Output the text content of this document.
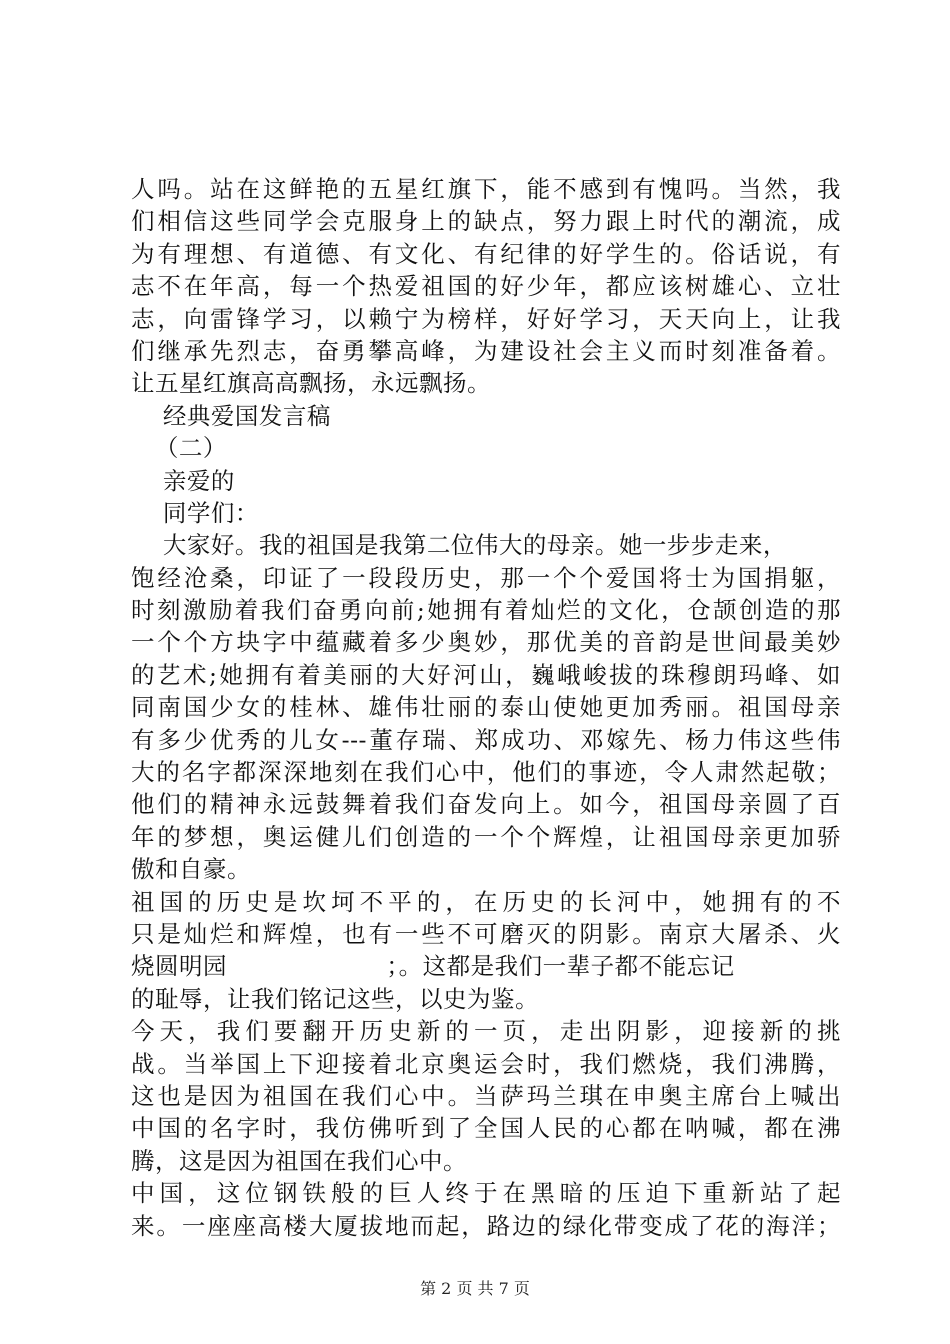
人吗。站在这鲜艳的五星红旗下，能不感到有愧吗。当然，我
们相信这些同学会克服身上的缺点，努力跟上时代的潮流，成
为有理想、有道德、有文化、有纪律的好学生的。俗话说，有
志不在年高，每一个热爱祖国的好少年，都应该树雄心、立壮
志，向雷锋学习，以赖宁为榜样，好好学习，天天向上，让我
们继承先烈志，奋勇攀高峰，为建设社会主义而时刻准备着。
让五星红旗高高飘扬，永远飘扬。
经典爱国发言稿
（二）
亲爱的
同学们：
大家好。我的祖国是我第二位伟大的母亲。她一步步走来，
饱经沧桑，印证了一段段历史，那一个个爱国将士为国捐躯，
时刻激励着我们奋勇向前;她拥有着灿烂的文化，仓颉创造的那
一个个方块字中蕴藏着多少奥妙，那优美的音韵是世间最美妙
的艺术;她拥有着美丽的大好河山，巍峨峻拔的珠穆朗玛峰、如
同南国少女的桂林、雄伟壮丽的泰山使她更加秀丽。祖国母亲
有多少优秀的儿女---董存瑞、郑成功、邓嫁先、杨力伟这些伟
大的名字都深深地刻在我们心中，他们的事迹，令人肃然起敬；
他们的精神永远鼓舞着我们奋发向上。如今，祖国母亲圆了百
年的梦想，奥运健儿们创造的一个个辉煌，让祖国母亲更加骄
傲和自豪。
祖国的历史是坎坷不平的，在历史的长河中，她拥有的不
只是灿烂和辉煌，也有一些不可磨灭的阴影。南京大屠杀、火
烧圆明园                    ；。这都是我们一辈子都不能忘记
的耻辱，让我们铭记这些，以史为鉴。
今天，我们要翻开历史新的一页，走出阴影，迎接新的挑
战。当举国上下迎接着北京奥运会时，我们燃烧，我们沸腾，
这也是因为祖国在我们心中。当萨玛兰琪在申奥主席台上喊出
中国的名字时，我仿佛听到了全国人民的心都在呐喊，都在沸
腾，这是因为祖国在我们心中。
中国，这位钢铁般的巨人终于在黑暗的压迫下重新站了起
来。一座座高楼大厦拔地而起，路边的绿化带变成了花的海洋；
第 2 页 共 7 页
